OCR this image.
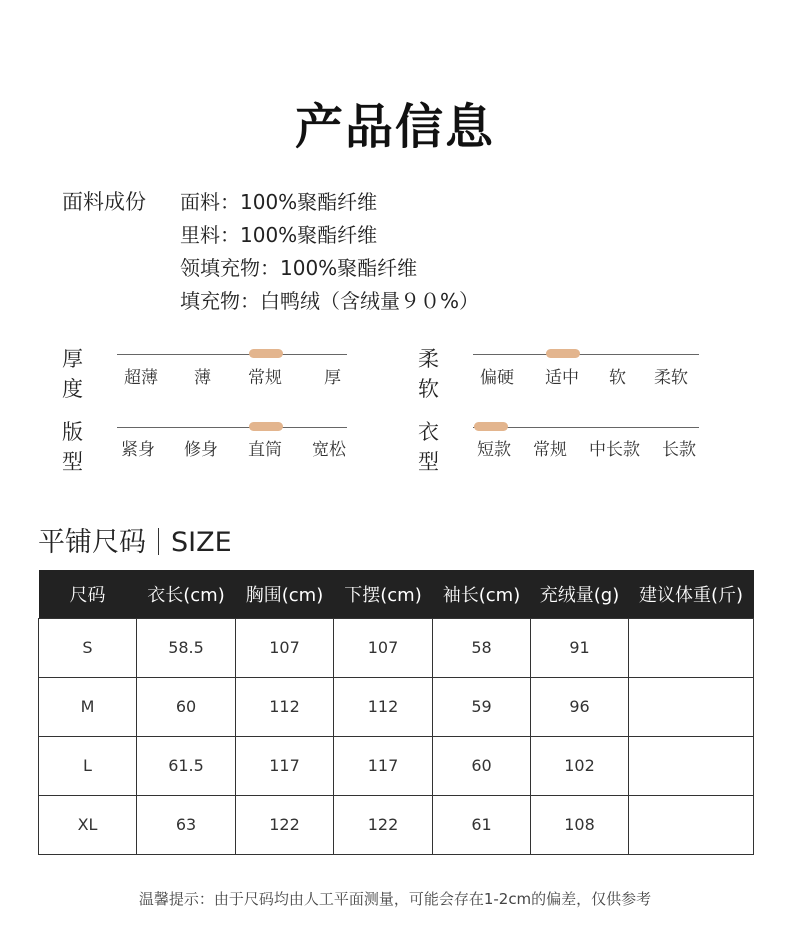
产品信息
面料成份 面料：100%聚酯纤维
里料：100%聚酯纤维
领填充物：100%聚酯纤维
填充物：白鸭绒（含绒量９０%）
厚度 超薄 薄 常规 厚
柔软 偏硬 适中 软 柔软
版型 紧身 修身 直筒 宽松
衣型 短款 常规 中长款 长款
平铺尺码 SIZE
尺码	衣长(cm)	胸围(cm)	下摆(cm)	袖长(cm)	充绒量(g)	建议体重(斤)
S	58.5	107	107	58	91	
M	60	112	112	59	96	
L	61.5	117	117	60	102	
XL	63	122	122	61	108	
温馨提示：由于尺码均由人工平面测量，可能会存在1-2cm的偏差，仅供参考
